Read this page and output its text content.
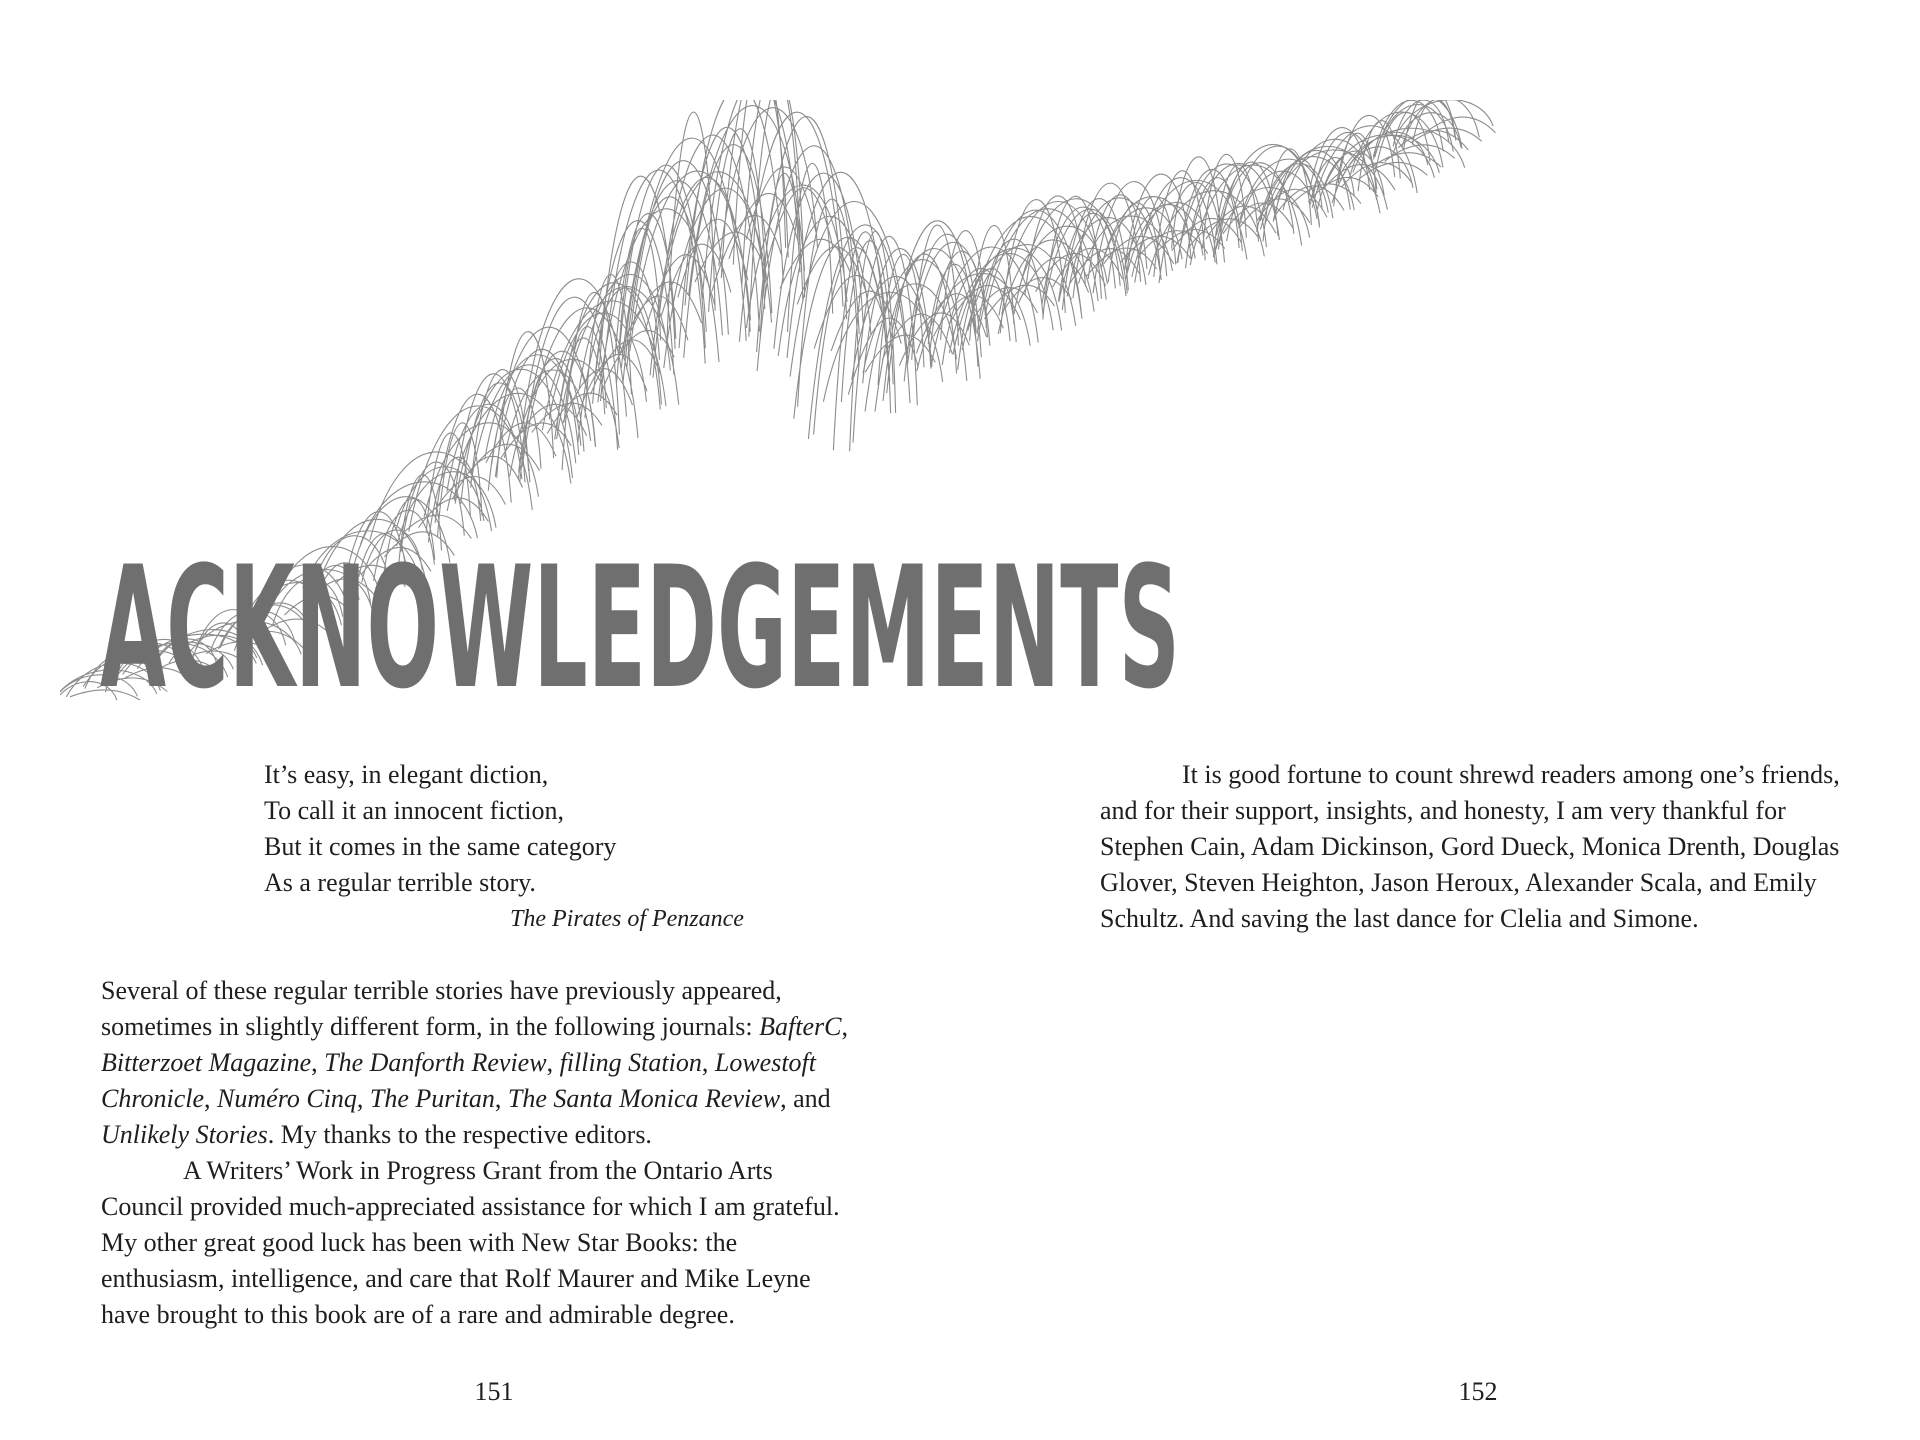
ACKNOWLEDGEMENTS
It’s easy, in elegant diction,
To call it an innocent fiction,
But it comes in the same category
As a regular terrible story.
The Pirates of Penzance

Several of these regular terrible stories have previously appeared, sometimes in slightly different form, in the following journals: BafterC, Bitterzoet Magazine, The Danforth Review, filling Station, Lowestoft Chronicle, Numéro Cinq, The Puritan, The Santa Monica Review, and Unlikely Stories. My thanks to the respective editors.

A Writers’ Work in Progress Grant from the Ontario Arts Council provided much-appreciated assistance for which I am grateful. My other great good luck has been with New Star Books: the enthusiasm, intelligence, and care that Rolf Maurer and Mike Leyne have brought to this book are of a rare and admirable degree.

151

It is good fortune to count shrewd readers among one’s friends, and for their support, insights, and honesty, I am very thankful for Stephen Cain, Adam Dickinson, Gord Dueck, Monica Drenth, Douglas Glover, Steven Heighton, Jason Heroux, Alexander Scala, and Emily Schultz. And saving the last dance for Clelia and Simone.

152
